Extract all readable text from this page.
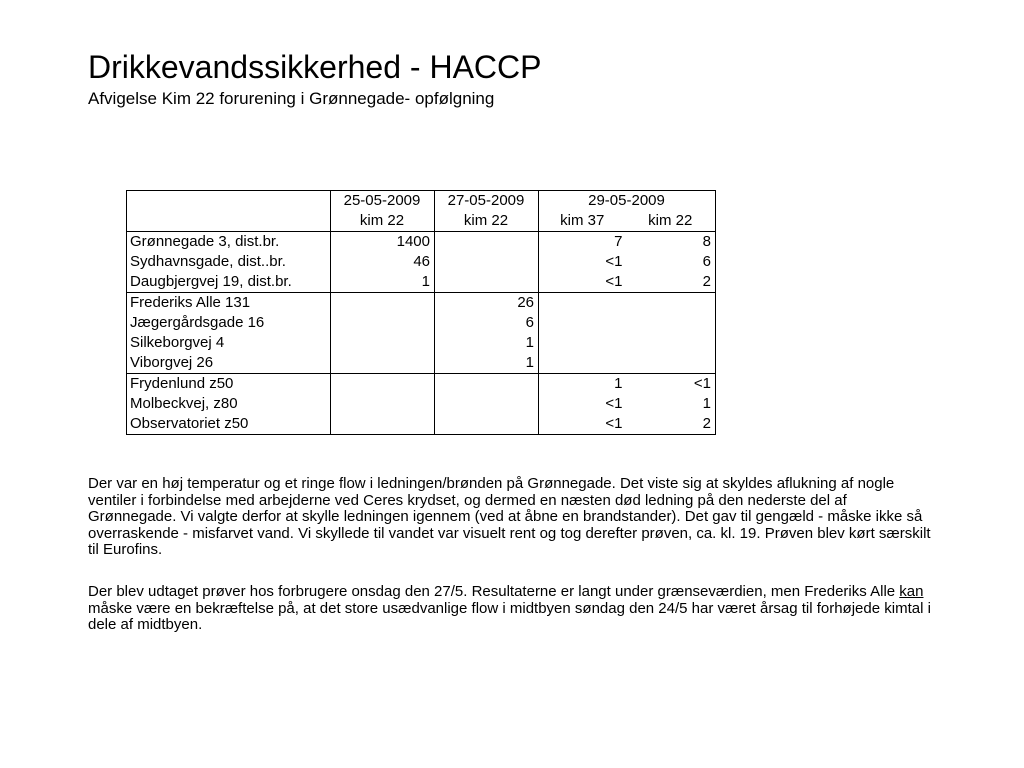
Drikkevandssikkerhed - HACCP
Afvigelse Kim 22 forurening i Grønnegade- opfølgning
	25-05-2009	27-05-2009	29-05-2009	
	kim 22	kim 22	kim 37	kim 22
Grønnegade 3, dist.br.	1400		7	8
Sydhavnsgade, dist..br.	46		<1	6
Daugbjergvej 19, dist.br.	1		<1	2
Frederiks Alle 131		26		
Jægergårdsgade 16		6		
Silkeborgvej 4		1		
Viborgvej 26		1		
Frydenlund z50			1	<1
Molbeckvej, z80			<1	1
Observatoriet z50			<1	2
Der var en høj temperatur og et ringe flow i ledningen/brønden på Grønnegade. Det viste sig at skyldes aflukning af nogle ventiler i forbindelse med arbejderne ved Ceres krydset, og dermed en næsten død ledning på den nederste del af Grønnegade. Vi valgte derfor at skylle ledningen igennem (ved at åbne en brandstander). Det gav til gengæld - måske ikke så overraskende - misfarvet vand. Vi skyllede til vandet var visuelt rent og tog derefter prøven, ca. kl. 19. Prøven blev kørt særskilt til Eurofins.
Der blev udtaget prøver hos forbrugere onsdag den 27/5. Resultaterne er langt under grænseværdien, men Frederiks Alle kan måske være en bekræftelse på, at det store usædvanlige flow i midtbyen søndag den 24/5 har været årsag til forhøjede kimtal i dele af midtbyen.
